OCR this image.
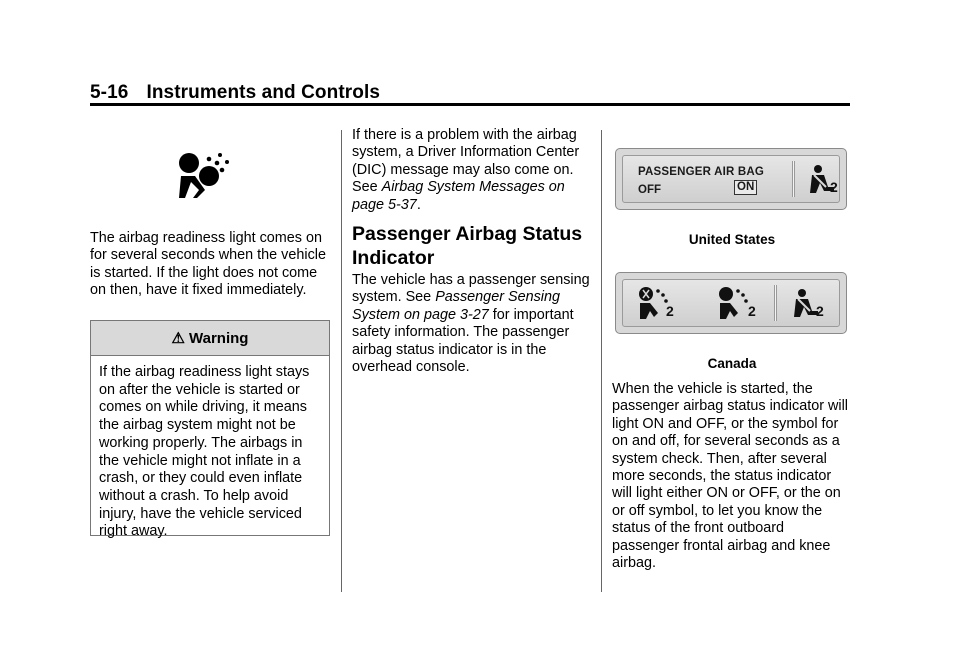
5-16 Instruments and Controls

The airbag readiness light comes on for several seconds when the vehicle is started. If the light does not come on then, have it fixed immediately.

⚠ Warning
If the airbag readiness light stays on after the vehicle is started or comes on while driving, it means the airbag system might not be working properly. The airbags in the vehicle might not inflate in a crash, or they could even inflate without a crash. To help avoid injury, have the vehicle serviced right away.

If there is a problem with the airbag system, a Driver Information Center (DIC) message may also come on. See Airbag System Messages on page 5-37.

Passenger Airbag Status Indicator

The vehicle has a passenger sensing system. See Passenger Sensing System on page 3-27 for important safety information. The passenger airbag status indicator is in the overhead console.

PASSENGER AIR BAG
OFF	ON	2
United States
2	2	2
Canada

When the vehicle is started, the passenger airbag status indicator will light ON and OFF, or the symbol for on and off, for several seconds as a system check. Then, after several more seconds, the status indicator will light either ON or OFF, or the on or off symbol, to let you know the status of the front outboard passenger frontal airbag and knee airbag.
